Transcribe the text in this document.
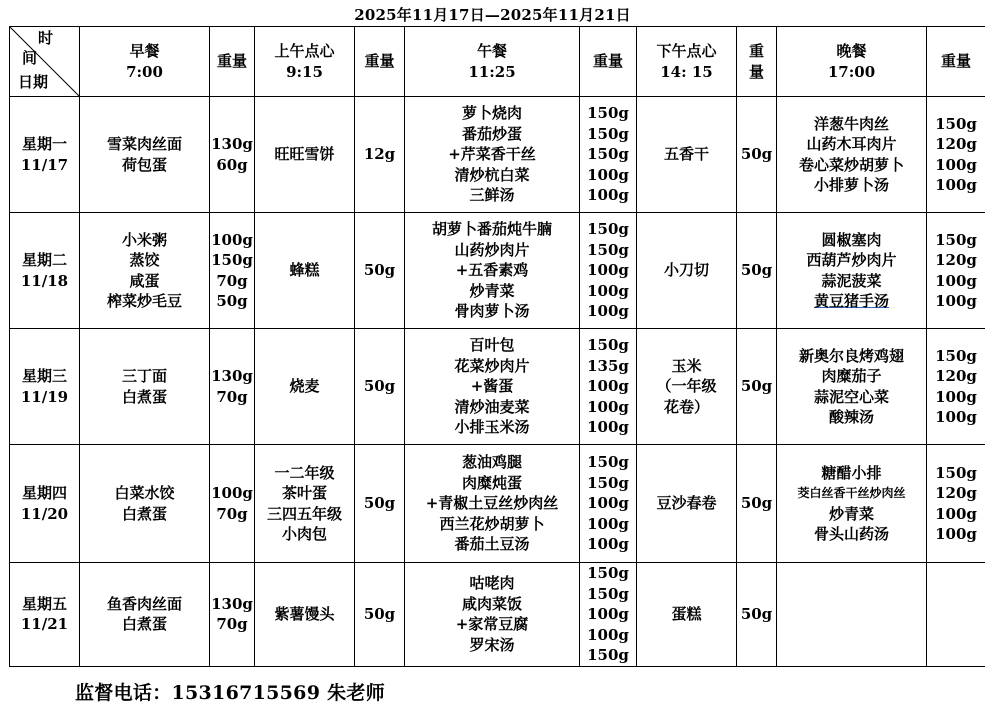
2025年11月17日—2025年11月21日
时
间
日期	早餐
7:00	重量	上午点心
9:15	重量	午餐
11:25	重量	下午点心
14: 15	重
量	晚餐
17:00	重量

星期一
11/17	雪菜肉丝面
荷包蛋	130g
60g	旺旺雪饼	12g	萝卜烧肉
番茄炒蛋
+芹菜香干丝
清炒杭白菜
三鲜汤	150g
150g
150g
100g
100g	五香干	50g	洋葱牛肉丝
山药木耳肉片
卷心菜炒胡萝卜
小排萝卜汤	150g
120g
100g
100g

星期二
11/18	小米粥
蒸饺
咸蛋
榨菜炒毛豆	100g
150g
70g
50g	蜂糕	50g	胡萝卜番茄炖牛腩
山药炒肉片
+五香素鸡
炒青菜
骨肉萝卜汤	150g
150g
100g
100g
100g	小刀切	50g	圆椒塞肉
西葫芦炒肉片
蒜泥菠菜
黄豆猪手汤	150g
120g
100g
100g

星期三
11/19	三丁面
白煮蛋	130g
70g	烧麦	50g	百叶包
花菜炒肉片
+酱蛋
清炒油麦菜
小排玉米汤	150g
135g
100g
100g
100g	玉米
（一年级
花卷）	50g	新奥尔良烤鸡翅
肉糜茄子
蒜泥空心菜
酸辣汤	150g
120g
100g
100g

星期四
11/20	白菜水饺
白煮蛋	100g
70g	一二年级
茶叶蛋
三四五年级
小肉包	50g	葱油鸡腿
肉糜炖蛋
+青椒土豆丝炒肉丝
西兰花炒胡萝卜
番茄土豆汤	150g
150g
100g
100g
100g	豆沙春卷	50g	糖醋小排
茭白丝香干丝炒肉丝
炒青菜
骨头山药汤	150g
120g
100g
100g

星期五
11/21	鱼香肉丝面
白煮蛋	130g
70g	紫薯馒头	50g	咕咾肉
咸肉菜饭
+家常豆腐
罗宋汤	150g
150g
100g
100g
150g	蛋糕	50g		
监督电话：15316715569 朱老师
